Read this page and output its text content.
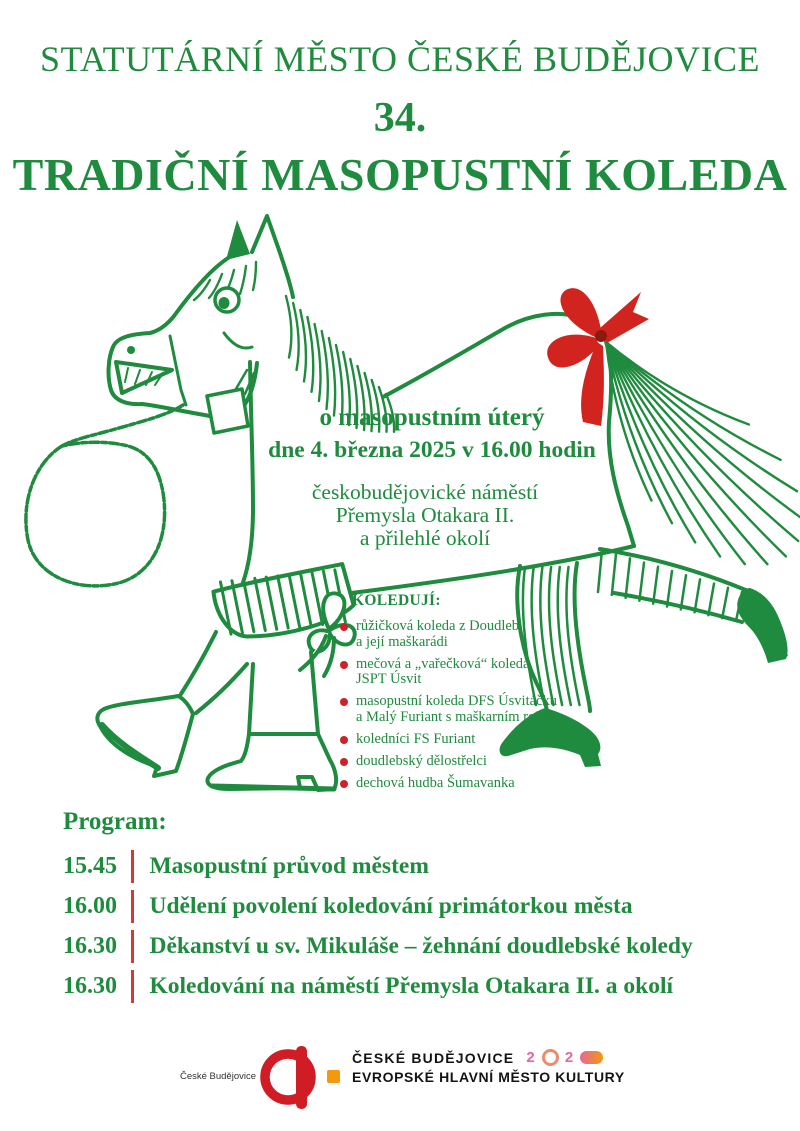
STATUTÁRNÍ MĚSTO ČESKÉ BUDĚJOVICE
34.
TRADIČNÍ MASOPUSTNÍ KOLEDA
o masopustním úterý
dne 4. března 2025 v 16.00 hodin
českobudějovické náměstí
Přemysla Otakara II.
a přilehlé okolí
KOLEDUJÍ:
růžičková koleda z Doudleb
a její maškarádi
mečová a „vařečková“ koleda
JSPT Úsvit
masopustní koleda DFS Úsvitáčku
a Malý Furiant s maškarním rejem
koledníci FS Furiant
doudlebský dělostřelci
dechová hudba Šumavanka
Program:
15.45	Masopustní průvod městem
16.00	Udělení povolení koledování primátorkou města
16.30	Děkanství u sv. Mikuláše – žehnání doudlebské koledy
16.30	Koledování na náměstí Přemysla Otakara II. a okolí
České Budějovice
ČESKÉ BUDĚJOVICE 2 2
EVROPSKÉ HLAVNÍ MĚSTO KULTURY
